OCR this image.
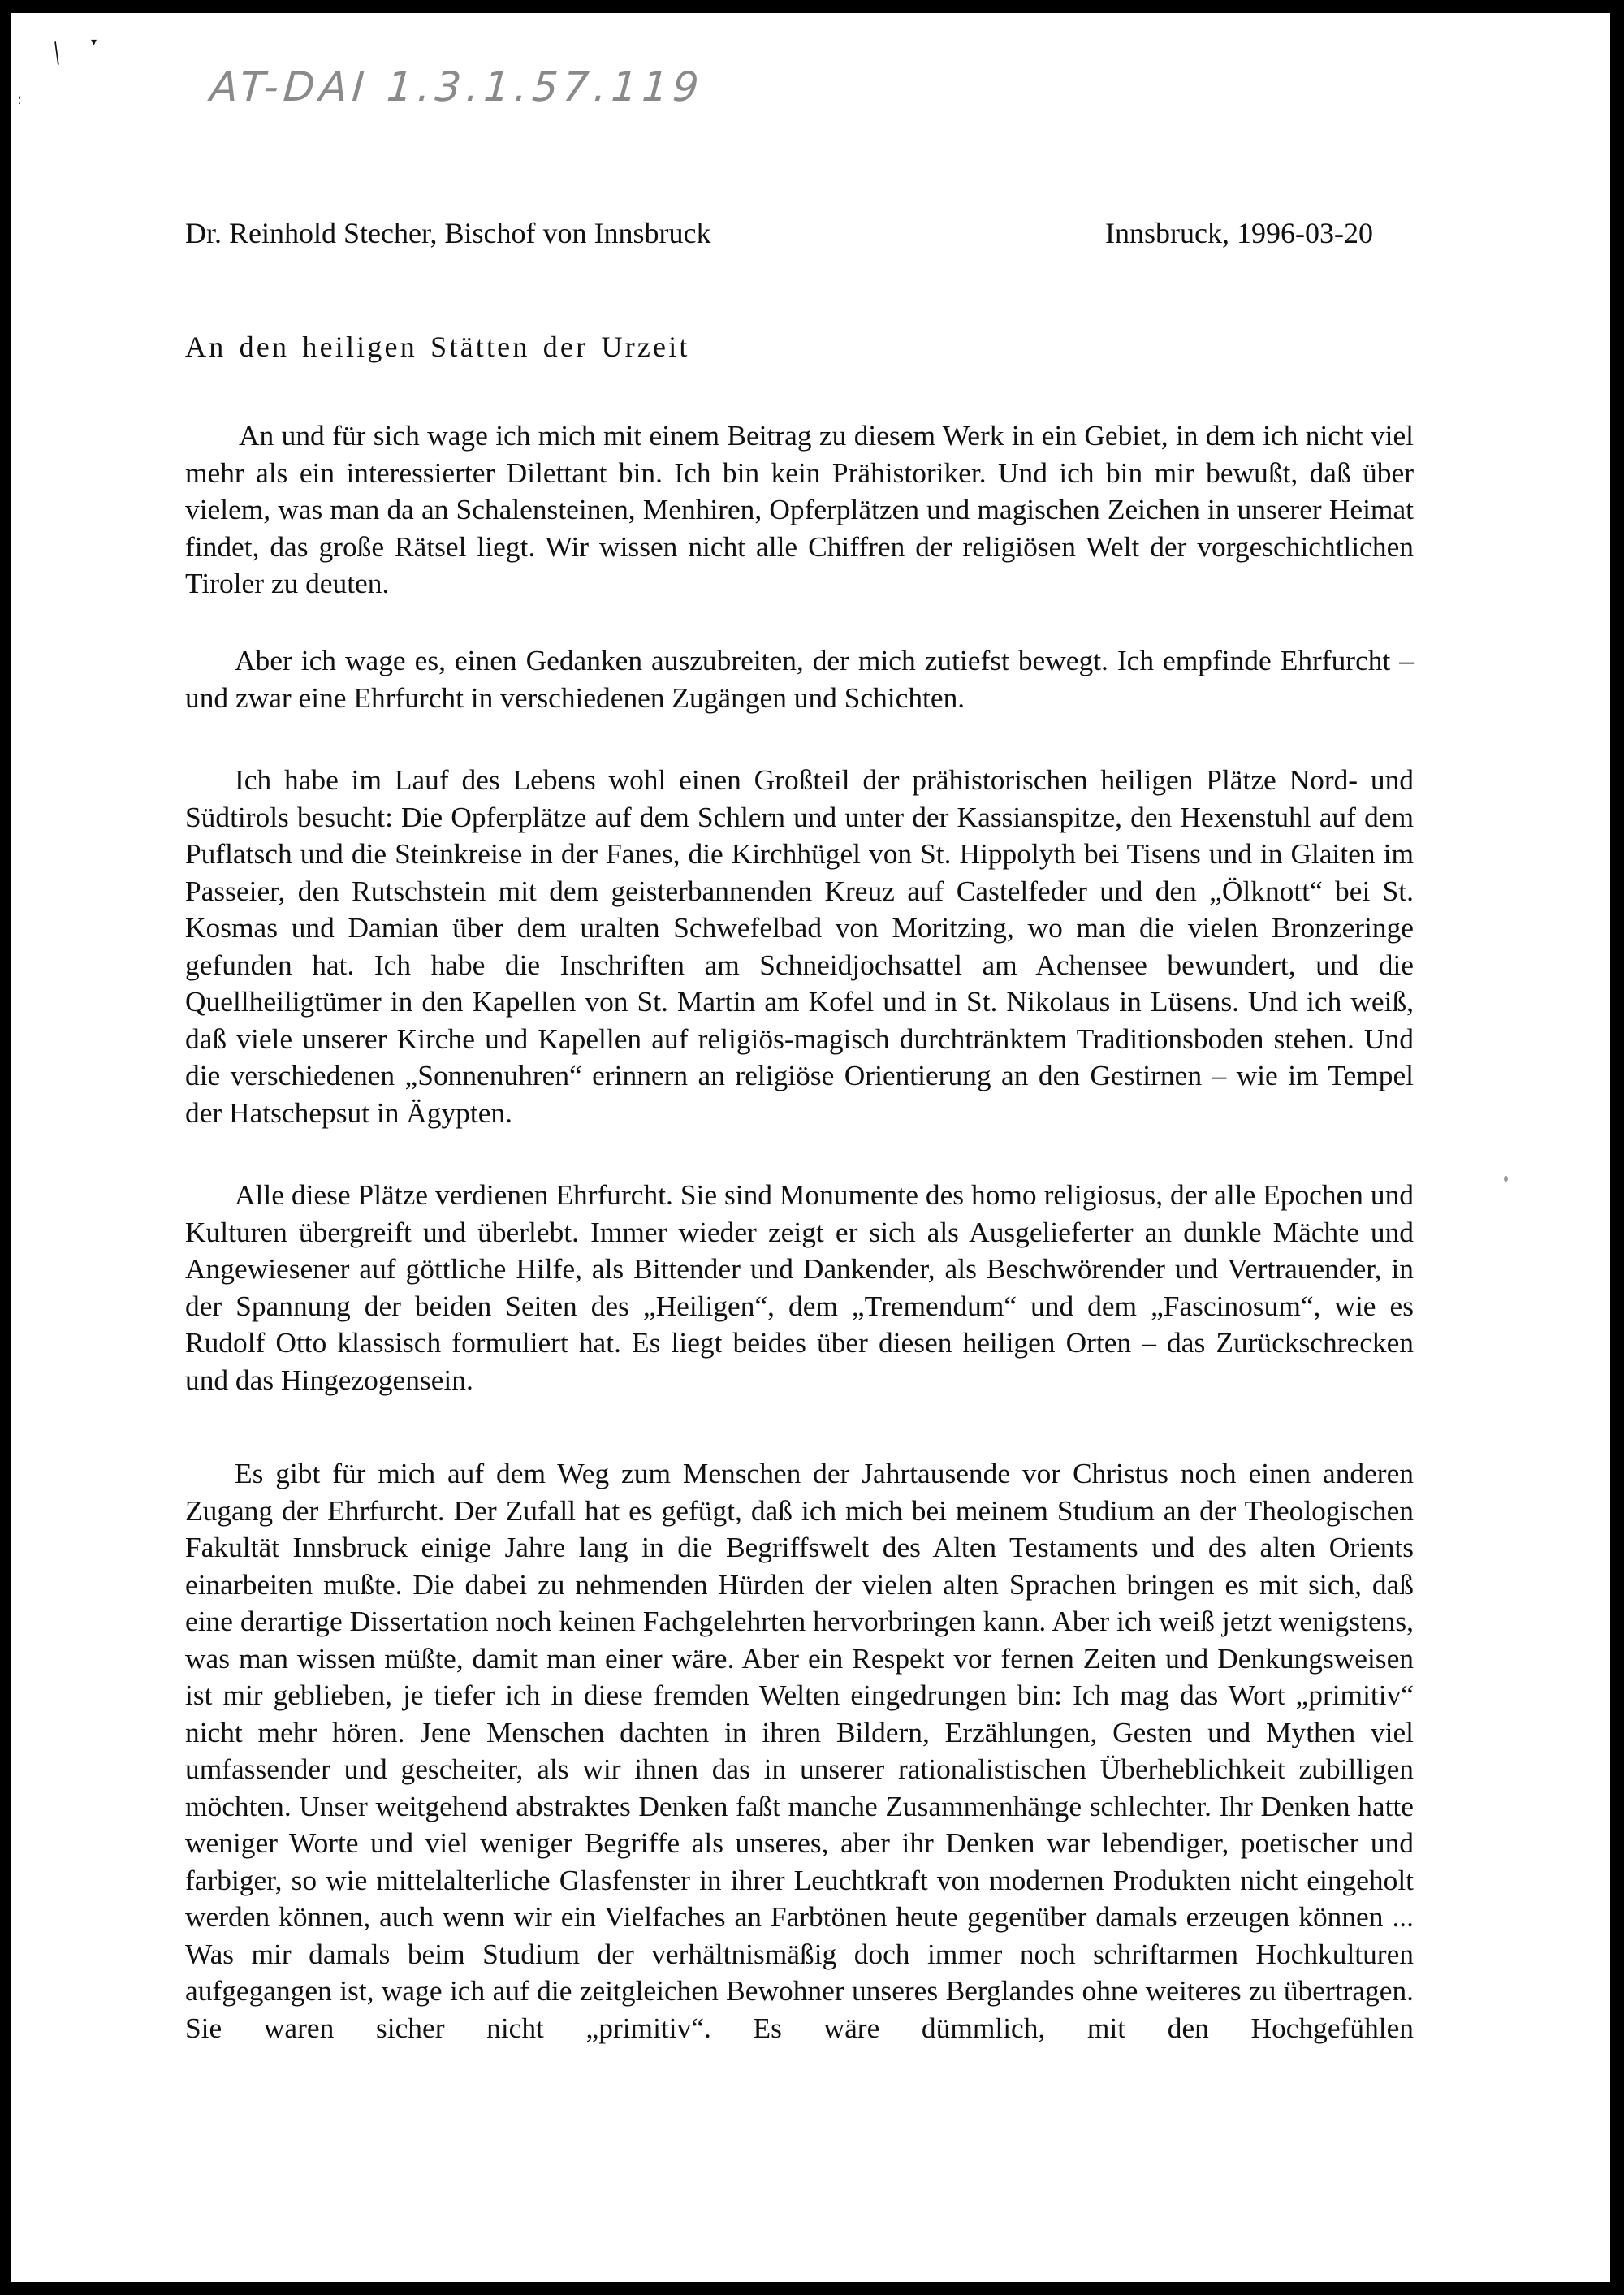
╱
▾
⸵	AT-DAI 1.3.1.57.119
Dr. Reinhold Stecher, Bischof von Innsbruck	Innsbruck, 1996-03-20
An den heiligen Stätten der Urzeit

An und für sich wage ich mich mit einem Beitrag zu diesem Werk in ein Gebiet, in dem ich nicht viel mehr als ein interessierter Dilettant bin. Ich bin kein Prähistoriker. Und ich bin mir bewußt, daß über vielem, was man da an Schalensteinen, Menhiren, Opferplätzen und magischen Zeichen in unserer Heimat findet, das große Rätsel liegt. Wir wissen nicht alle Chiffren der religiösen Welt der vorgeschichtlichen Tiroler zu deuten.

Aber ich wage es, einen Gedanken auszubreiten, der mich zutiefst bewegt. Ich empfinde Ehrfurcht – und zwar eine Ehrfurcht in verschiedenen Zugängen und Schichten.

Ich habe im Lauf des Lebens wohl einen Großteil der prähistorischen heiligen Plätze Nord- und Südtirols besucht: Die Opferplätze auf dem Schlern und unter der Kassianspitze, den Hexenstuhl auf dem Puflatsch und die Steinkreise in der Fanes, die Kirchhügel von St. Hippolyth bei Tisens und in Glaiten im Passeier, den Rutschstein mit dem geisterbannenden Kreuz auf Castelfeder und den „Ölknott“ bei St. Kosmas und Damian über dem uralten Schwefelbad von Moritzing, wo man die vielen Bronzeringe gefunden hat. Ich habe die Inschriften am Schneidjochsattel am Achensee bewundert, und die Quellheiligtümer in den Kapellen von St. Martin am Kofel und in St. Nikolaus in Lüsens. Und ich weiß, daß viele unserer Kirche und Kapellen auf religiös-magisch durchtränktem Traditionsboden stehen. Und die verschiedenen „Sonnenuhren“ erinnern an religiöse Orientierung an den Gestirnen – wie im Tempel der Hatschepsut in Ägypten.

Alle diese Plätze verdienen Ehrfurcht. Sie sind Monumente des homo religiosus, der alle Epochen und Kulturen übergreift und überlebt. Immer wieder zeigt er sich als Ausgelieferter an dunkle Mächte und Angewiesener auf göttliche Hilfe, als Bittender und Dankender, als Beschwörender und Vertrauender, in der Spannung der beiden Seiten des „Heiligen“, dem „Tremendum“ und dem „Fascinosum“, wie es Rudolf Otto klassisch formuliert hat. Es liegt beides über diesen heiligen Orten – das Zurückschrecken und das Hingezogensein.

Es gibt für mich auf dem Weg zum Menschen der Jahrtausende vor Christus noch einen anderen Zugang der Ehrfurcht. Der Zufall hat es gefügt, daß ich mich bei meinem Studium an der Theologischen Fakultät Innsbruck einige Jahre lang in die Begriffswelt des Alten Testaments und des alten Orients einarbeiten mußte. Die dabei zu nehmenden Hürden der vielen alten Sprachen bringen es mit sich, daß eine derartige Dissertation noch keinen Fachgelehrten hervorbringen kann. Aber ich weiß jetzt wenigstens, was man wissen müßte, damit man einer wäre. Aber ein Respekt vor fernen Zeiten und Denkungsweisen ist mir geblieben, je tiefer ich in diese fremden Welten eingedrungen bin: Ich mag das Wort „primitiv“ nicht mehr hören. Jene Menschen dachten in ihren Bildern, Erzählungen, Gesten und Mythen viel umfassender und gescheiter, als wir ihnen das in unserer rationalistischen Überheblichkeit zubilligen möchten. Unser weitgehend abstraktes Denken faßt manche Zusammenhänge schlechter. Ihr Denken hatte weniger Worte und viel weniger Begriffe als unseres, aber ihr Denken war lebendiger, poetischer und farbiger, so wie mittelalterliche Glasfenster in ihrer Leuchtkraft von modernen Produkten nicht eingeholt werden können, auch wenn wir ein Vielfaches an Farbtönen heute gegenüber damals erzeugen können ... Was mir damals beim Studium der verhältnismäßig doch immer noch schriftarmen Hochkulturen aufgegangen ist, wage ich auf die zeitgleichen Bewohner unseres Berglandes ohne weiteres zu übertragen. Sie waren sicher nicht „primitiv“. Es wäre dümmlich, mit den Hochgefühlen
